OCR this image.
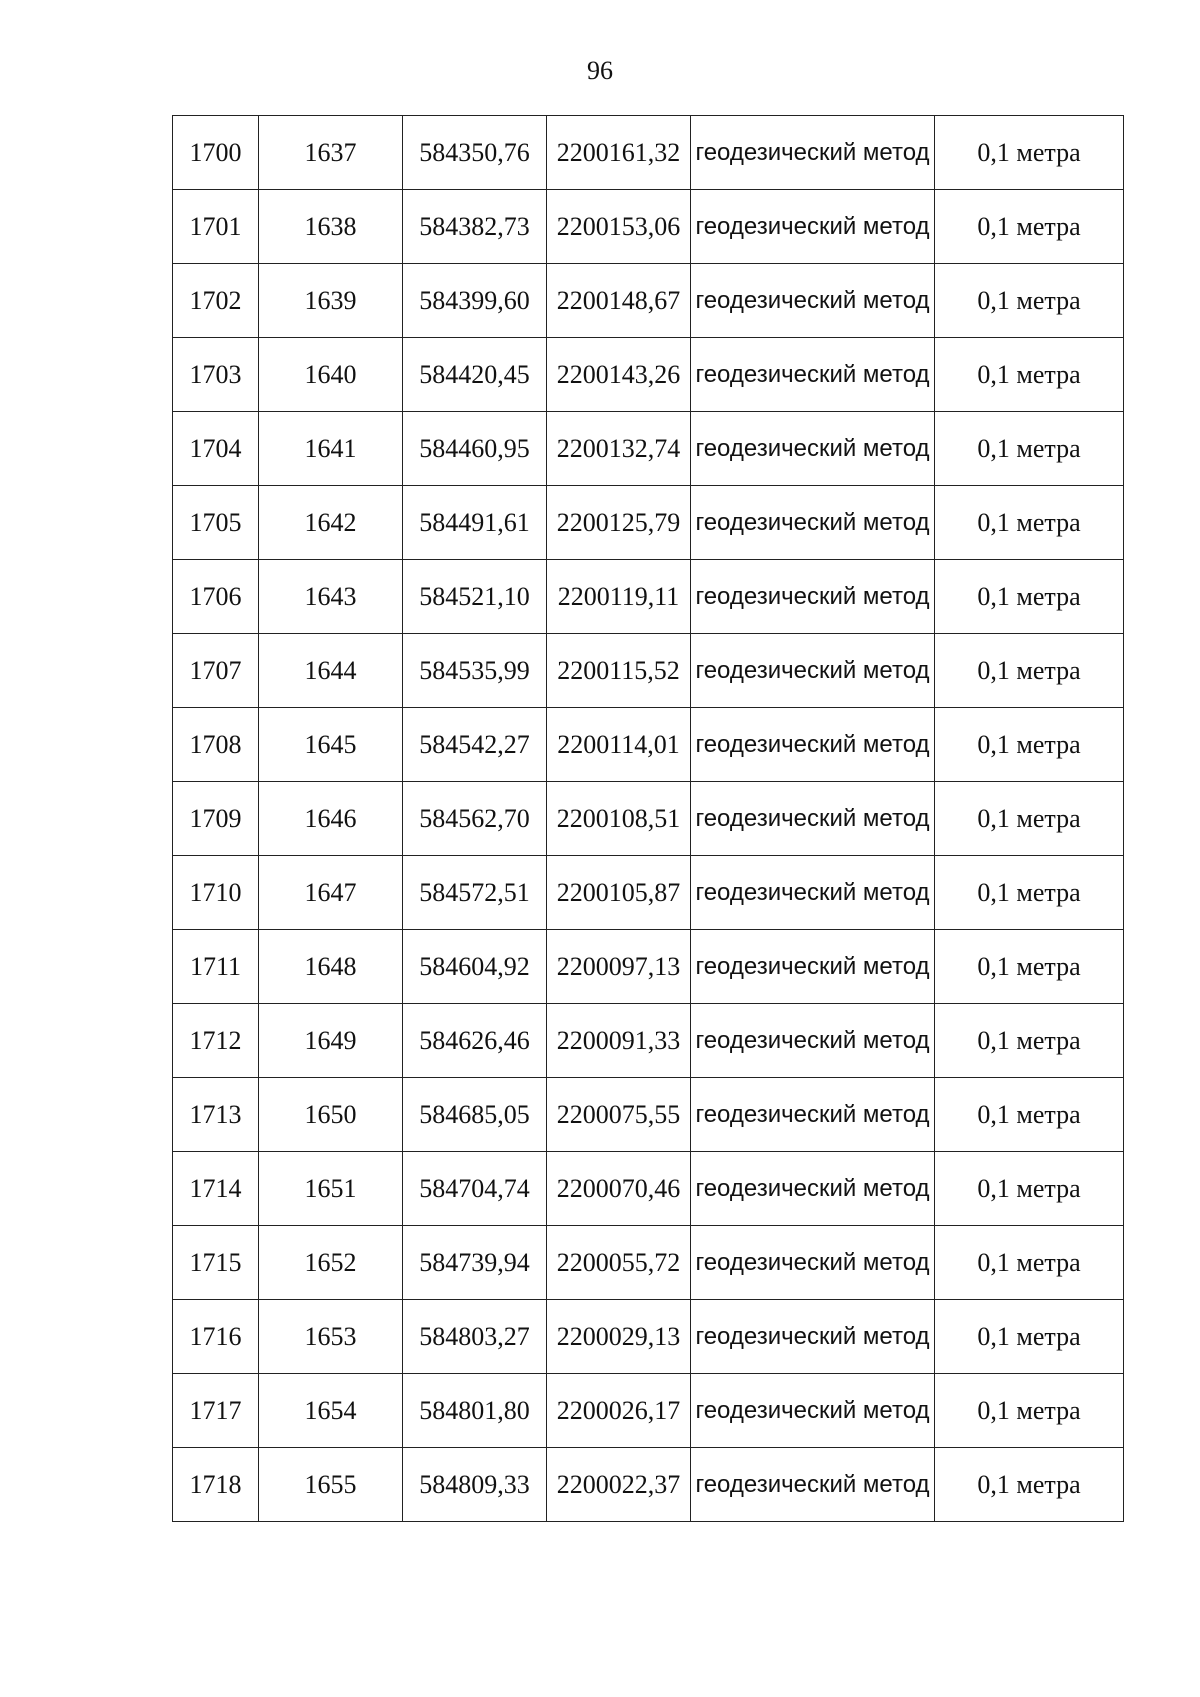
96
1700	1637	584350,76	2200161,32	геодезический метод	0,1 метра
1701	1638	584382,73	2200153,06	геодезический метод	0,1 метра
1702	1639	584399,60	2200148,67	геодезический метод	0,1 метра
1703	1640	584420,45	2200143,26	геодезический метод	0,1 метра
1704	1641	584460,95	2200132,74	геодезический метод	0,1 метра
1705	1642	584491,61	2200125,79	геодезический метод	0,1 метра
1706	1643	584521,10	2200119,11	геодезический метод	0,1 метра
1707	1644	584535,99	2200115,52	геодезический метод	0,1 метра
1708	1645	584542,27	2200114,01	геодезический метод	0,1 метра
1709	1646	584562,70	2200108,51	геодезический метод	0,1 метра
1710	1647	584572,51	2200105,87	геодезический метод	0,1 метра
1711	1648	584604,92	2200097,13	геодезический метод	0,1 метра
1712	1649	584626,46	2200091,33	геодезический метод	0,1 метра
1713	1650	584685,05	2200075,55	геодезический метод	0,1 метра
1714	1651	584704,74	2200070,46	геодезический метод	0,1 метра
1715	1652	584739,94	2200055,72	геодезический метод	0,1 метра
1716	1653	584803,27	2200029,13	геодезический метод	0,1 метра
1717	1654	584801,80	2200026,17	геодезический метод	0,1 метра
1718	1655	584809,33	2200022,37	геодезический метод	0,1 метра
